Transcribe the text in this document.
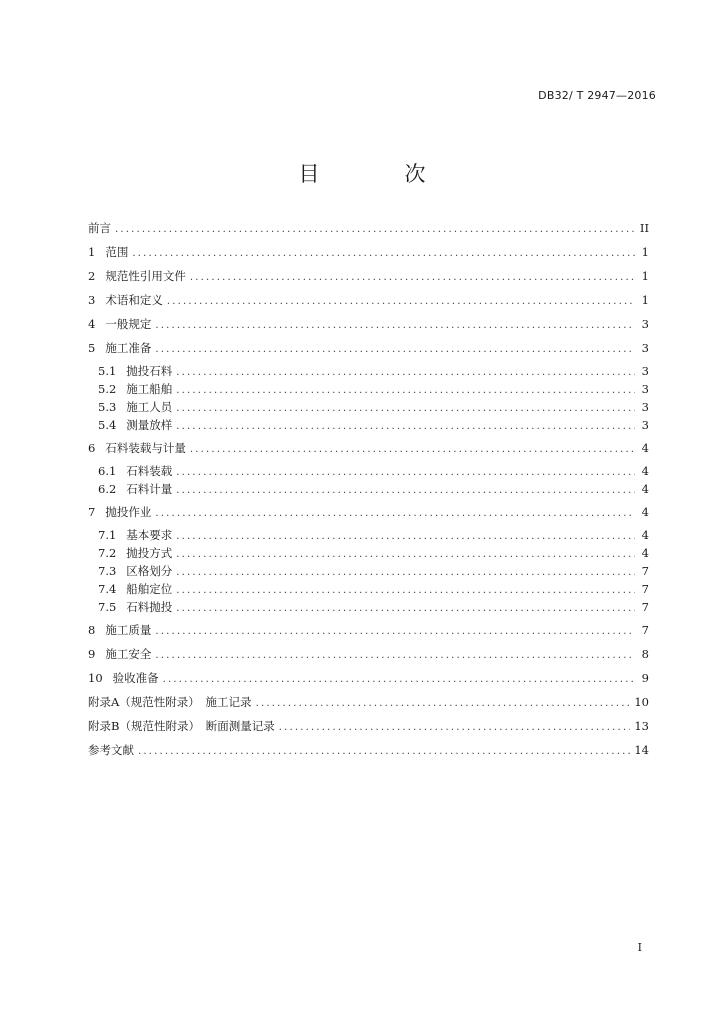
DB32/ T 2947—2016
目　次
前言 .....	II
1 范围 .....	1
2 规范性引用文件 .....	1
3 术语和定义 .....	1
4 一般规定 .....	3
5 施工准备 .....	3
5.1 抛投石料 .....	3
5.2 施工船舶 .....	3
5.3 施工人员 .....	3
5.4 测量放样 .....	3
6 石料装载与计量 .....	4
6.1 石料装载 .....	4
6.2 石料计量 .....	4
7 抛投作业 .....	4
7.1 基本要求 .....	4
7.2 抛投方式 .....	4
7.3 区格划分 .....	7
7.4 船舶定位 .....	7
7.5 石料抛投 .....	7
8 施工质量 .....	7
9 施工安全 .....	8
10 验收准备 .....	9
附录A（规范性附录）　施工记录 .....	10
附录B（规范性附录）　断面测量记录 .....	13
参考文献 .....	14
I
